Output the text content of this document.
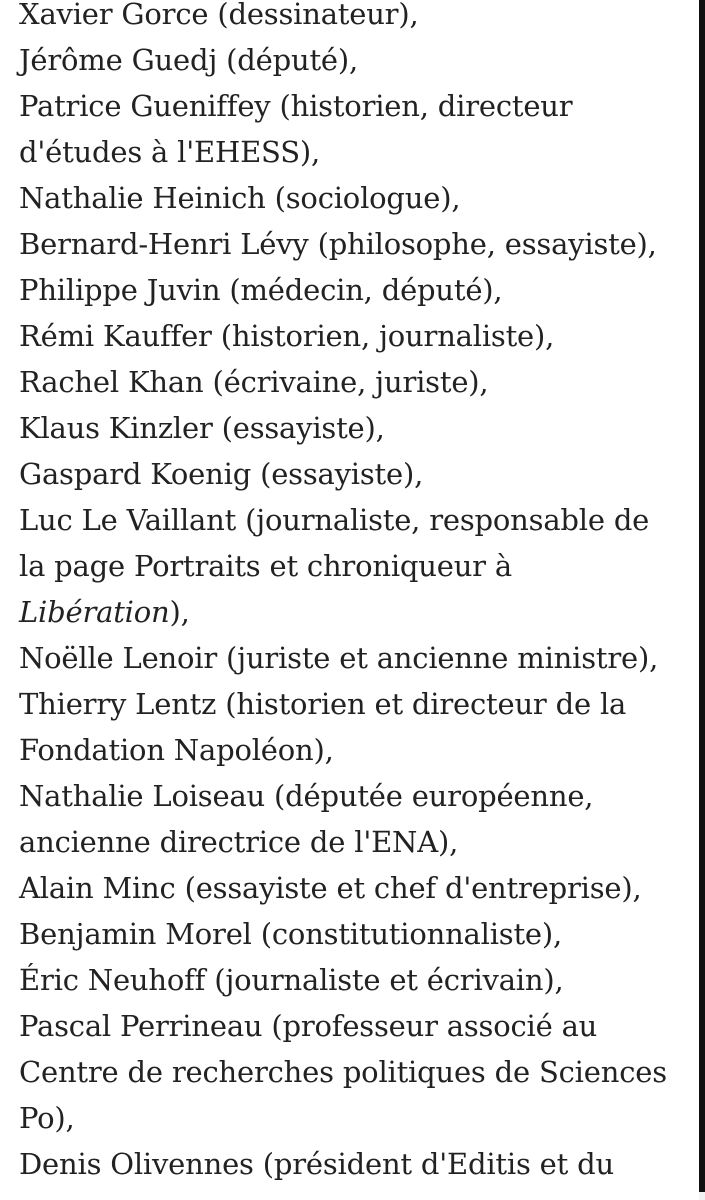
Xavier Gorce (dessinateur),
Jérôme Guedj (député),
Patrice Gueniffey (historien, directeur
d'études à l'EHESS),
Nathalie Heinich (sociologue),
Bernard-Henri Lévy (philosophe, essayiste),
Philippe Juvin (médecin, député),
Rémi Kauffer (historien, journaliste),
Rachel Khan (écrivaine, juriste),
Klaus Kinzler (essayiste),
Gaspard Koenig (essayiste),
Luc Le Vaillant (journaliste, responsable de
la page Portraits et chroniqueur à
Libération),
Noëlle Lenoir (juriste et ancienne ministre),
Thierry Lentz (historien et directeur de la
Fondation Napoléon),
Nathalie Loiseau (députée européenne,
ancienne directrice de l'ENA),
Alain Minc (essayiste et chef d'entreprise),
Benjamin Morel (constitutionnaliste),
Éric Neuhoff (journaliste et écrivain),
Pascal Perrineau (professeur associé au
Centre de recherches politiques de Sciences
Po),
Denis Olivennes (président d'Editis et du
